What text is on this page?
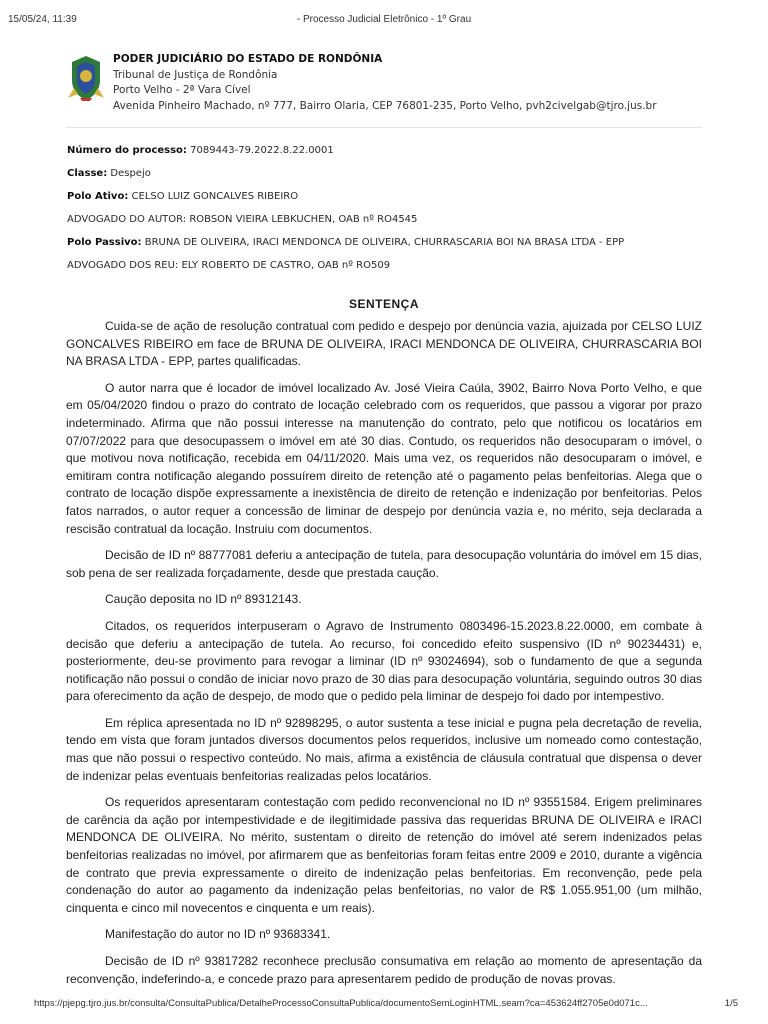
15/05/24, 11:39	- Processo Judicial Eletrônico - 1º Grau
PODER JUDICIÁRIO DO ESTADO DE RONDÔNIA
Tribunal de Justiça de Rondônia
Porto Velho - 2ª Vara Cível
Avenida Pinheiro Machado, nº 777, Bairro Olaria, CEP 76801-235, Porto Velho, pvh2civelgab@tjro.jus.br
Número do processo: 7089443-79.2022.8.22.0001
Classe: Despejo
Polo Ativo: CELSO LUIZ GONCALVES RIBEIRO
ADVOGADO DO AUTOR: ROBSON VIEIRA LEBKUCHEN, OAB nº RO4545
Polo Passivo: BRUNA DE OLIVEIRA, IRACI MENDONCA DE OLIVEIRA, CHURRASCARIA BOI NA BRASA LTDA - EPP
ADVOGADO DOS REU: ELY ROBERTO DE CASTRO, OAB nº RO509
SENTENÇA

Cuida-se de ação de resolução contratual com pedido e despejo por denúncia vazia, ajuizada por CELSO LUIZ GONCALVES RIBEIRO em face de BRUNA DE OLIVEIRA, IRACI MENDONCA DE OLIVEIRA, CHURRASCARIA BOI NA BRASA LTDA - EPP, partes qualificadas.

O autor narra que é locador de imóvel localizado Av. José Vieira Caúla, 3902, Bairro Nova Porto Velho, e que em 05/04/2020 findou o prazo do contrato de locação celebrado com os requeridos, que passou a vigorar por prazo indeterminado. Afirma que não possui interesse na manutenção do contrato, pelo que notificou os locatários em 07/07/2022 para que desocupassem o imóvel em até 30 dias. Contudo, os requeridos não desocuparam o imóvel, o que motivou nova notificação, recebida em 04/11/2020. Mais uma vez, os requeridos não desocuparam o imóvel, e emitiram contra notificação alegando possuírem direito de retenção até o pagamento pelas benfeitorias. Alega que o contrato de locação dispõe expressamente a inexistência de direito de retenção e indenização por benfeitorias. Pelos fatos narrados, o autor requer a concessão de liminar de despejo por denúncia vazia e, no mérito, seja declarada a rescisão contratual da locação. Instruiu com documentos.

Decisão de ID nº 88777081 deferiu a antecipação de tutela, para desocupação voluntária do imóvel em 15 dias, sob pena de ser realizada forçadamente, desde que prestada caução.

Caução deposita no ID nº 89312143.

Citados, os requeridos interpuseram o Agravo de Instrumento 0803496-15.2023.8.22.0000, em combate à decisão que deferiu a antecipação de tutela. Ao recurso, foi concedido efeito suspensivo (ID nº 90234431) e, posteriormente, deu-se provimento para revogar a liminar (ID nº 93024694), sob o fundamento de que a segunda notificação não possui o condão de iniciar novo prazo de 30 dias para desocupação voluntária, seguindo outros 30 dias para oferecimento da ação de despejo, de modo que o pedido pela liminar de despejo foi dado por intempestivo.

Em réplica apresentada no ID nº 92898295, o autor sustenta a tese inicial e pugna pela decretação de revelia, tendo em vista que foram juntados diversos documentos pelos requeridos, inclusive um nomeado como contestação, mas que não possui o respectivo conteúdo. No mais, afirma a existência de cláusula contratual que dispensa o dever de indenizar pelas eventuais benfeitorias realizadas pelos locatários.

Os requeridos apresentaram contestação com pedido reconvencional no ID nº 93551584. Erigem preliminares de carência da ação por intempestividade e de ilegitimidade passiva das requeridas BRUNA DE OLIVEIRA e IRACI MENDONCA DE OLIVEIRA. No mérito, sustentam o direito de retenção do imóvel até serem indenizados pelas benfeitorias realizadas no imóvel, por afirmarem que as benfeitorias foram feitas entre 2009 e 2010, durante a vigência de contrato que previa expressamente o direito de indenização pelas benfeitorias. Em reconvenção, pede pela condenação do autor ao pagamento da indenização pelas benfeitorias, no valor de R$ 1.055.951,00 (um milhão, cinquenta e cinco mil novecentos e cinquenta e um reais).

Manifestação do autor no ID nº 93683341.

Decisão de ID nº 93817282 reconhece preclusão consumativa em relação ao momento de apresentação da reconvenção, indeferindo-a, e concede prazo para apresentarem pedido de produção de novas provas.

https://pjepg.tjro.jus.br/consulta/ConsultaPublica/DetalheProcessoConsultaPublica/documentoSemLoginHTML.seam?ca=453624ff2705e0d071c...	1/5
